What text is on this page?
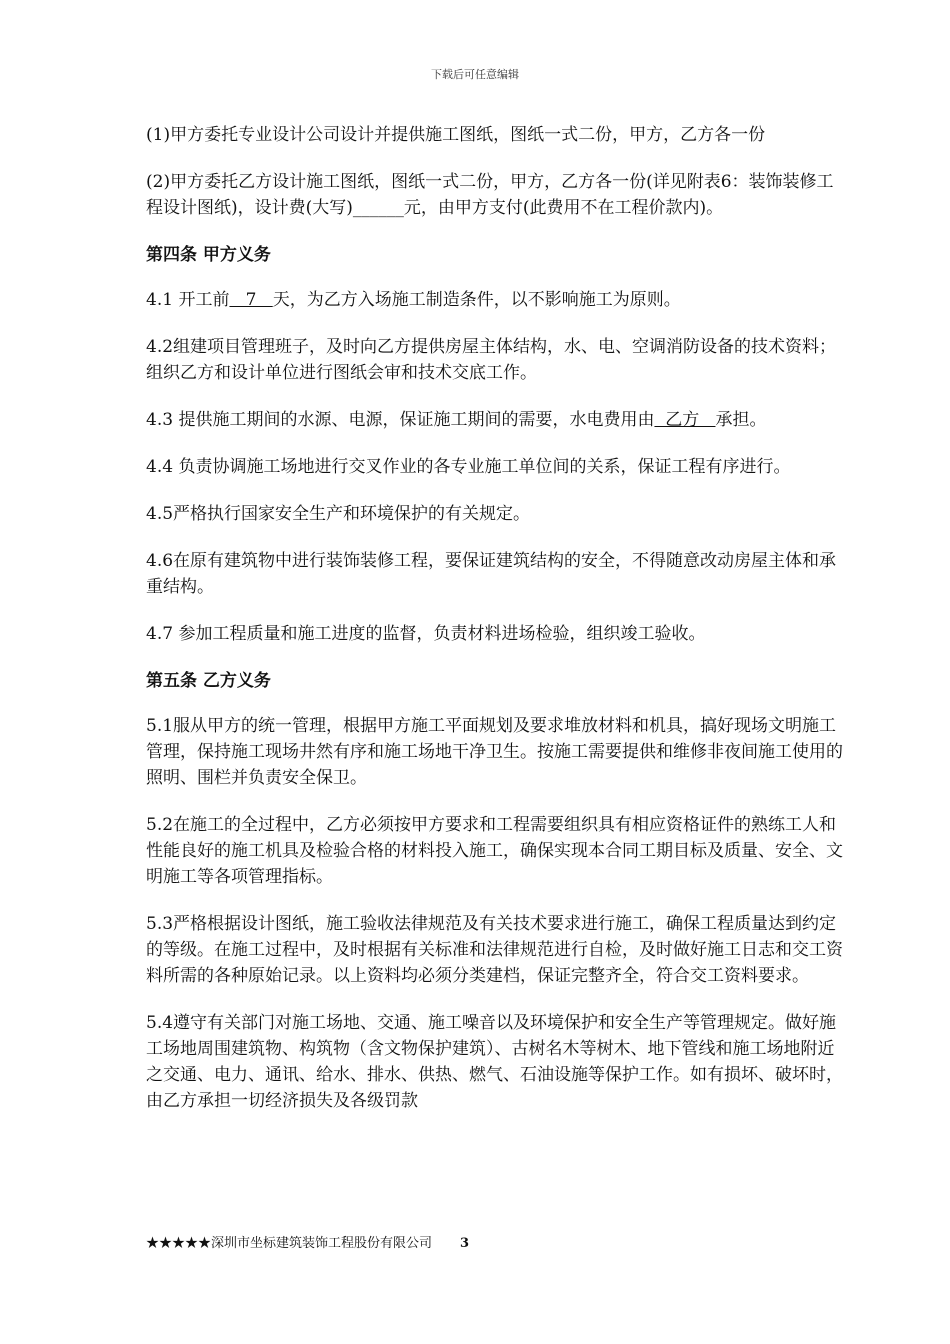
下载后可任意编辑

(1)甲方委托专业设计公司设计并提供施工图纸，图纸一式二份，甲方，乙方各一份

(2)甲方委托乙方设计施工图纸，图纸一式二份，甲方，乙方各一份(详见附表6：装饰装修工程设计图纸)，设计费(大写)______元，由甲方支付(此费用不在工程价款内)。

第四条 甲方义务

4.1 开工前   7   天，为乙方入场施工制造条件，以不影响施工为原则。

4.2组建项目管理班子，及时向乙方提供房屋主体结构，水、电、空调消防设备的技术资料；组织乙方和设计单位进行图纸会审和技术交底工作。

4.3 提供施工期间的水源、电源，保证施工期间的需要，水电费用由  乙方   承担。

4.4 负责协调施工场地进行交叉作业的各专业施工单位间的关系，保证工程有序进行。

4.5严格执行国家安全生产和环境保护的有关规定。

4.6在原有建筑物中进行装饰装修工程，要保证建筑结构的安全，不得随意改动房屋主体和承重结构。

4.7 参加工程质量和施工进度的监督，负责材料进场检验，组织竣工验收。

第五条 乙方义务

5.1服从甲方的统一管理，根据甲方施工平面规划及要求堆放材料和机具，搞好现场文明施工管理，保持施工现场井然有序和施工场地干净卫生。按施工需要提供和维修非夜间施工使用的照明、围栏并负责安全保卫。

5.2在施工的全过程中，乙方必须按甲方要求和工程需要组织具有相应资格证件的熟练工人和性能良好的施工机具及检验合格的材料投入施工，确保实现本合同工期目标及质量、安全、文明施工等各项管理指标。

5.3严格根据设计图纸，施工验收法律规范及有关技术要求进行施工，确保工程质量达到约定的等级。在施工过程中，及时根据有关标准和法律规范进行自检，及时做好施工日志和交工资料所需的各种原始记录。以上资料均必须分类建档，保证完整齐全，符合交工资料要求。

5.4遵守有关部门对施工场地、交通、施工噪音以及环境保护和安全生产等管理规定。做好施工场地周围建筑物、构筑物（含文物保护建筑）、古树名木等树木、地下管线和施工场地附近之交通、电力、通讯、给水、排水、供热、燃气、石油设施等保护工作。如有损坏、破坏时，由乙方承担一切经济损失及各级罚款

★★★★★深圳市坐标建筑装饰工程股份有限公司 3
